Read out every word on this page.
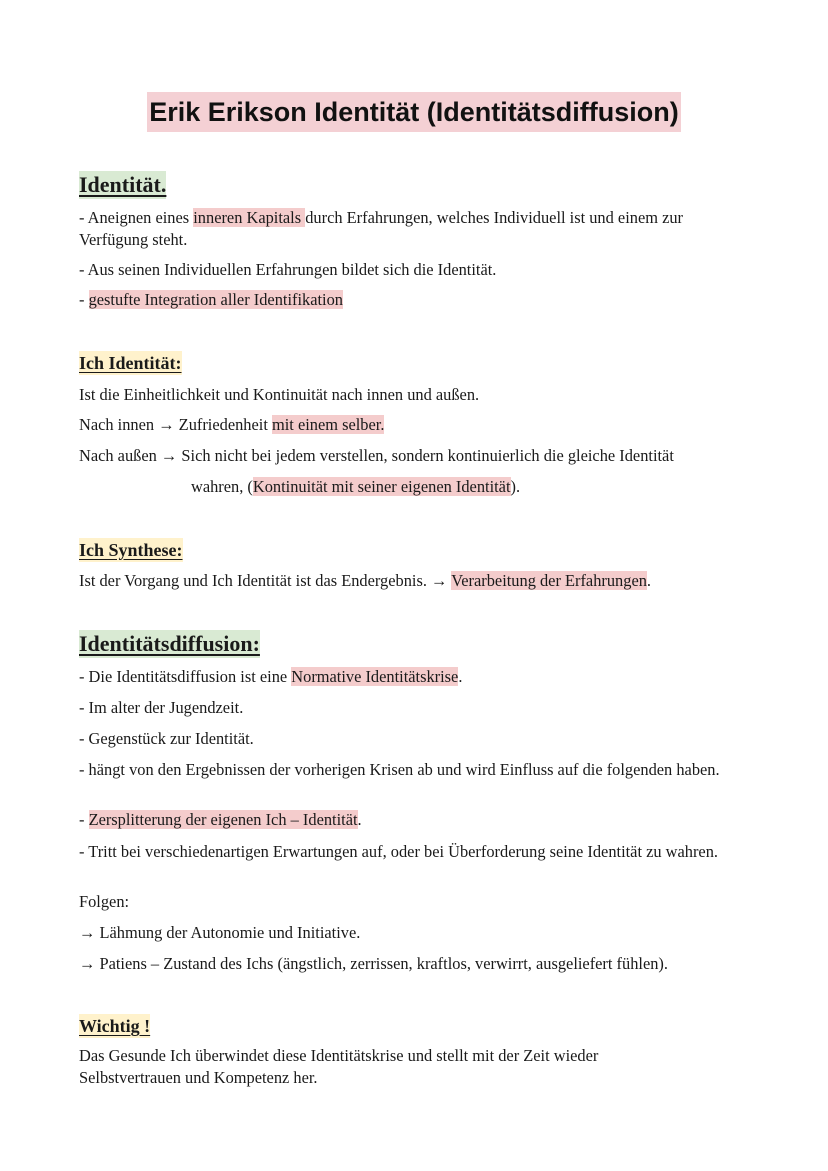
Erik Erikson Identität (Identitätsdiffusion)
Identität.

- Aneignen eines inneren Kapitals durch Erfahrungen, welches Individuell ist und einem zur Verfügung steht.

- Aus seinen Individuellen Erfahrungen bildet sich die Identität.

- gestufte Integration aller Identifikation

Ich Identität:

Ist die Einheitlichkeit und Kontinuität nach innen und außen.

Nach innen → Zufriedenheit mit einem selber.

Nach außen → Sich nicht bei jedem verstellen, sondern kontinuierlich die gleiche Identität

wahren, (Kontinuität mit seiner eigenen Identität).

Ich Synthese:

Ist der Vorgang und Ich Identität ist das Endergebnis. → Verarbeitung der Erfahrungen.

Identitätsdiffusion:

- Die Identitätsdiffusion ist eine Normative Identitätskrise.

- Im alter der Jugendzeit.

- Gegenstück zur Identität.

- hängt von den Ergebnissen der vorherigen Krisen ab und wird Einfluss auf die folgenden haben.

- Zersplitterung der eigenen Ich – Identität.

- Tritt bei verschiedenartigen Erwartungen auf, oder bei Überforderung seine Identität zu wahren.

Folgen:

→ Lähmung der Autonomie und Initiative.

→ Patiens – Zustand des Ichs (ängstlich, zerrissen, kraftlos, verwirrt, ausgeliefert fühlen).

Wichtig !

Das Gesunde Ich überwindet diese Identitätskrise und stellt mit der Zeit wieder Selbstvertrauen und Kompetenz her.
